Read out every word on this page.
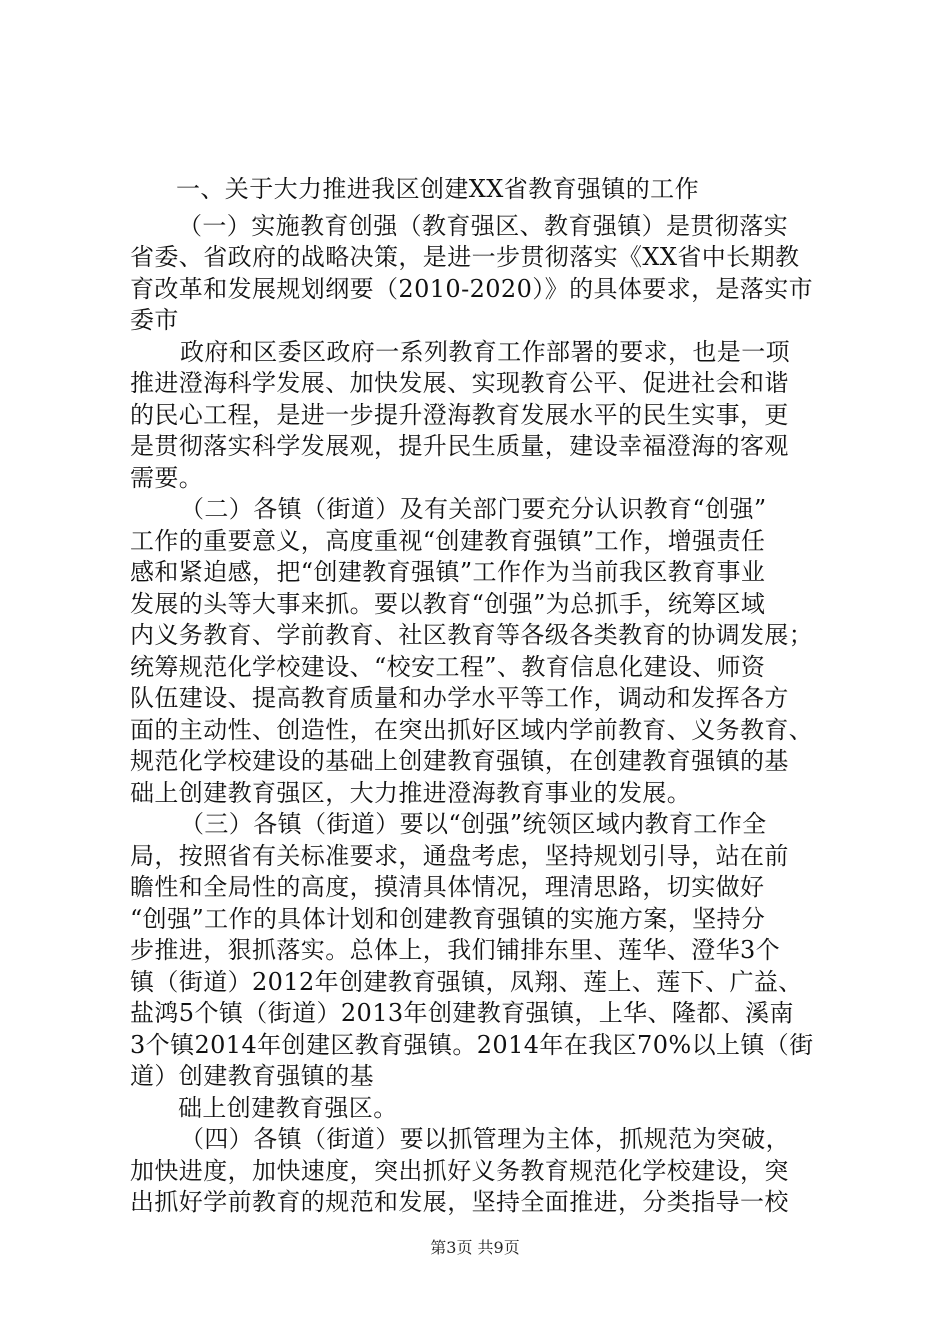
一、关于大力推进我区创建XX省教育强镇的工作
（一）实施教育创强（教育强区、教育强镇）是贯彻落实
省委、省政府的战略决策，是进一步贯彻落实《XX省中长期教
育改革和发展规划纲要（2010-2020）》的具体要求，是落实市
委市
政府和区委区政府一系列教育工作部署的要求，也是一项
推进澄海科学发展、加快发展、实现教育公平、促进社会和谐
的民心工程，是进一步提升澄海教育发展水平的民生实事，更
是贯彻落实科学发展观，提升民生质量，建设幸福澄海的客观
需要。
（二）各镇（街道）及有关部门要充分认识教育“创强”
工作的重要意义，高度重视“创建教育强镇”工作，增强责任
感和紧迫感，把“创建教育强镇”工作作为当前我区教育事业
发展的头等大事来抓。要以教育“创强”为总抓手，统筹区域
内义务教育、学前教育、社区教育等各级各类教育的协调发展；
统筹规范化学校建设、“校安工程”、教育信息化建设、师资
队伍建设、提高教育质量和办学水平等工作，调动和发挥各方
面的主动性、创造性，在突出抓好区域内学前教育、义务教育、
规范化学校建设的基础上创建教育强镇，在创建教育强镇的基
础上创建教育强区，大力推进澄海教育事业的发展。
（三）各镇（街道）要以“创强”统领区域内教育工作全
局，按照省有关标准要求，通盘考虑，坚持规划引导，站在前
瞻性和全局性的高度，摸清具体情况，理清思路，切实做好
“创强”工作的具体计划和创建教育强镇的实施方案，坚持分
步推进，狠抓落实。总体上，我们铺排东里、莲华、澄华3个
镇（街道）2012年创建教育强镇，凤翔、莲上、莲下、广益、
盐鸿5个镇（街道）2013年创建教育强镇，上华、隆都、溪南
3个镇2014年创建区教育强镇。2014年在我区70%以上镇（街
道）创建教育强镇的基
础上创建教育强区。
（四）各镇（街道）要以抓管理为主体，抓规范为突破，
加快进度，加快速度，突出抓好义务教育规范化学校建设，突
出抓好学前教育的规范和发展，坚持全面推进，分类指导一校
第3页 共9页
